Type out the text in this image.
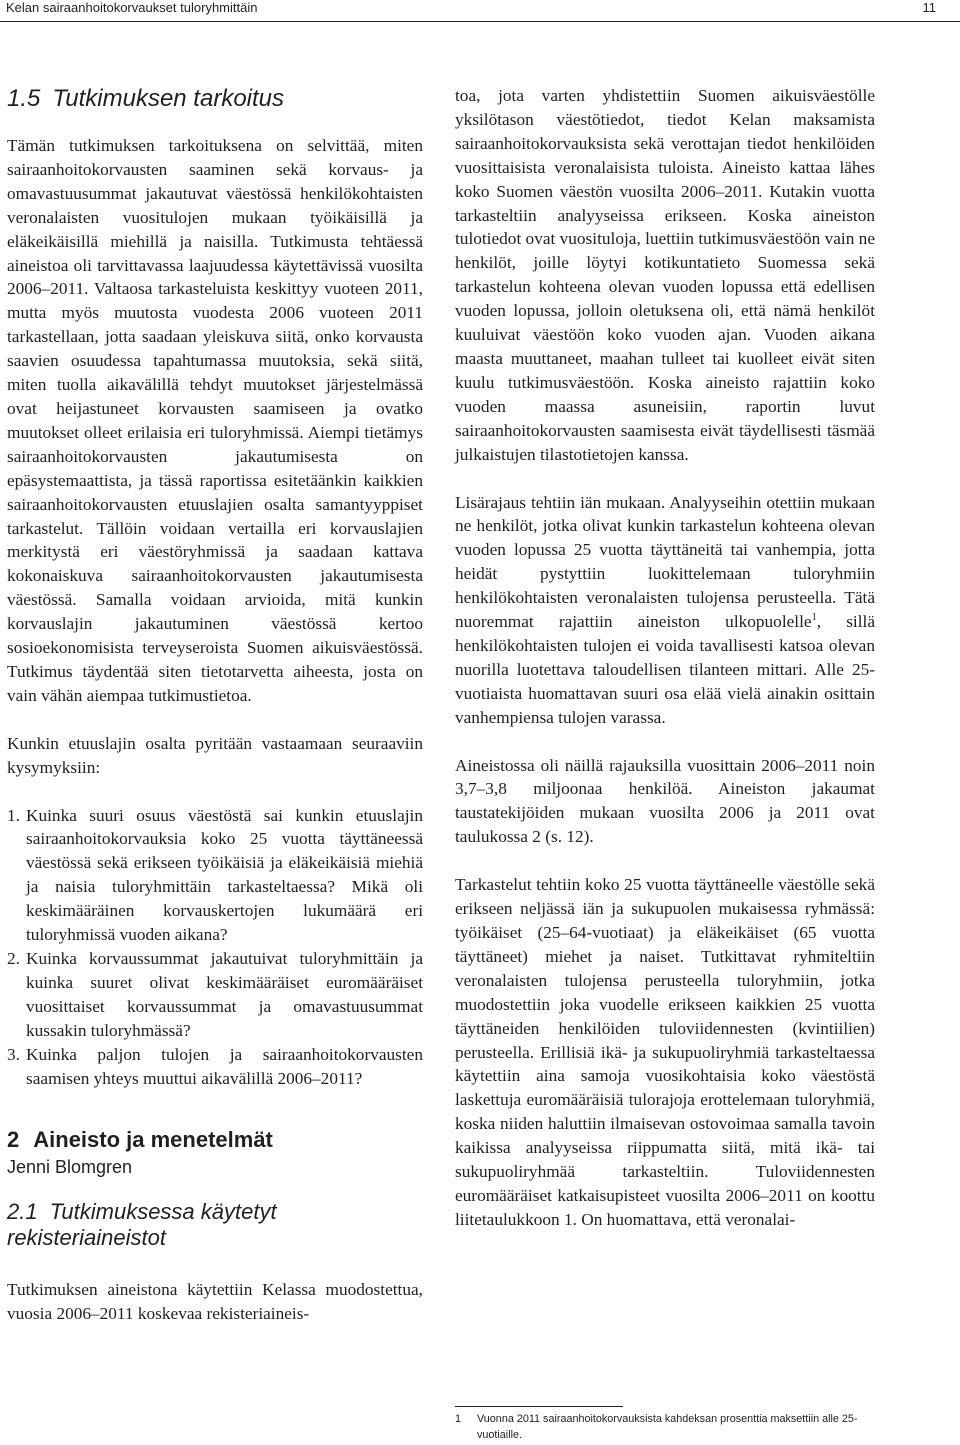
Kelan sairaanhoitokorvaukset tuloryhmittäin	11
1.5 Tutkimuksen tarkoitus

Tämän tutkimuksen tarkoituksena on selvittää, miten sairaanhoitokorvausten saaminen sekä korvaus- ja omavastuusummat jakautuvat väestössä henkilökohtaisten veronalaisten vuositulojen mukaan työikäisillä ja eläkeikäisillä miehillä ja naisilla. Tutkimusta tehtäessä aineistoa oli tarvittavassa laajuudessa käytettävissä vuosilta 2006–2011. Valtaosa tarkasteluista keskittyy vuoteen 2011, mutta myös muutosta vuodesta 2006 vuoteen 2011 tarkastellaan, jotta saadaan yleiskuva siitä, onko korvausta saavien osuudessa tapahtumassa muutoksia, sekä siitä, miten tuolla aikavälillä tehdyt muutokset järjestelmässä ovat heijastuneet korvausten saamiseen ja ovatko muutokset olleet erilaisia eri tuloryhmissä. Aiempi tietämys sairaanhoitokorvausten jakautumisesta on epäsystemaattista, ja tässä raportissa esitetäänkin kaikkien sairaanhoitokorvausten etuuslajien osalta samantyyppiset tarkastelut. Tällöin voidaan vertailla eri korvauslajien merkitystä eri väestöryhmissä ja saadaan kattava kokonaiskuva sairaanhoitokorvausten jakautumisesta väestössä. Samalla voidaan arvioida, mitä kunkin korvauslajin jakautuminen väestössä kertoo sosioekonomisista terveyseroista Suomen aikuisväestössä. Tutkimus täydentää siten tietotarvetta aiheesta, josta on vain vähän aiempaa tutkimustietoa.

Kunkin etuuslajin osalta pyritään vastaamaan seuraaviin kysymyksiin:

1. Kuinka suuri osuus väestöstä sai kunkin etuuslajin sairaanhoitokorvauksia koko 25 vuotta täyttäneessä väestössä sekä erikseen työikäisiä ja eläkeikäisiä miehiä ja naisia tuloryhmittäin tarkasteltaessa? Mikä oli keskimääräinen korvauskertojen lukumäärä eri tuloryhmissä vuoden aikana?
2. Kuinka korvaussummat jakautuivat tuloryhmittäin ja kuinka suuret olivat keskimääräiset euromääräiset vuosittaiset korvaussummat ja omavastuusummat kussakin tuloryhmässä?
3. Kuinka paljon tulojen ja sairaanhoitokorvausten saamisen yhteys muuttui aikavälillä 2006–2011?
2 Aineisto ja menetelmät
Jenni Blomgren
2.1 Tutkimuksessa käytetyt rekisteriaineistot

Tutkimuksen aineistona käytettiin Kelassa muodostettua, vuosia 2006–2011 koskevaa rekisteriaineis-

toa, jota varten yhdistettiin Suomen aikuisväestölle yksilötason väestötiedot, tiedot Kelan maksamista sairaanhoitokorvauksista sekä verottajan tiedot henkilöiden vuosittaisista veronalaisista tuloista. Aineisto kattaa lähes koko Suomen väestön vuosilta 2006–2011. Kutakin vuotta tarkasteltiin analyyseissa erikseen. Koska aineiston tulotiedot ovat vuosituloja, luettiin tutkimusväestöön vain ne henkilöt, joille löytyi kotikuntatieto Suomessa sekä tarkastelun kohteena olevan vuoden lopussa että edellisen vuoden lopussa, jolloin oletuksena oli, että nämä henkilöt kuuluivat väestöön koko vuoden ajan. Vuoden aikana maasta muuttaneet, maahan tulleet tai kuolleet eivät siten kuulu tutkimusväestöön. Koska aineisto rajattiin koko vuoden maassa asuneisiin, raportin luvut sairaanhoitokorvausten saamisesta eivät täydellisesti täsmää julkaistujen tilastotietojen kanssa.

Lisärajaus tehtiin iän mukaan. Analyyseihin otettiin mukaan ne henkilöt, jotka olivat kunkin tarkastelun kohteena olevan vuoden lopussa 25 vuotta täyttäneitä tai vanhempia, jotta heidät pystyttiin luokittelemaan tuloryhmiin henkilökohtaisten veronalaisten tulojensa perusteella. Tätä nuoremmat rajattiin aineiston ulkopuolelle$^1$, sillä henkilökohtaisten tulojen ei voida tavallisesti katsoa olevan nuorilla luotettava taloudellisen tilanteen mittari. Alle 25-vuotiaista huomattavan suuri osa elää vielä ainakin osittain vanhempiensa tulojen varassa.

Aineistossa oli näillä rajauksilla vuosittain 2006–2011 noin 3,7–3,8 miljoonaa henkilöä. Aineiston jakaumat taustatekijöiden mukaan vuosilta 2006 ja 2011 ovat taulukossa 2 (s. 12).

Tarkastelut tehtiin koko 25 vuotta täyttäneelle väestölle sekä erikseen neljässä iän ja sukupuolen mukaisessa ryhmässä: työikäiset (25–64-vuotiaat) ja eläkeikäiset (65 vuotta täyttäneet) miehet ja naiset. Tutkittavat ryhmiteltiin veronalaisten tulojensa perusteella tuloryhmiin, jotka muodostettiin joka vuodelle erikseen kaikkien 25 vuotta täyttäneiden henkilöiden tuloviidennesten (kvintiilien) perusteella. Erillisiä ikä- ja sukupuoliryhmiä tarkasteltaessa käytettiin aina samoja vuosikohtaisia koko väestöstä laskettuja euromääräisiä tulorajoja erottelemaan tuloryhmiä, koska niiden haluttiin ilmaisevan ostovoimaa samalla tavoin kaikissa analyyseissa riippumatta siitä, mitä ikä- tai sukupuoliryhmää tarkasteltiin. Tuloviidennesten euromääräiset katkaisupisteet vuosilta 2006–2011 on koottu liitetaulukkoon 1. On huomattava, että veronalai-

1	Vuonna 2011 sairaanhoitokorvauksista kahdeksan prosenttia maksettiin alle 25-vuotiaille.
